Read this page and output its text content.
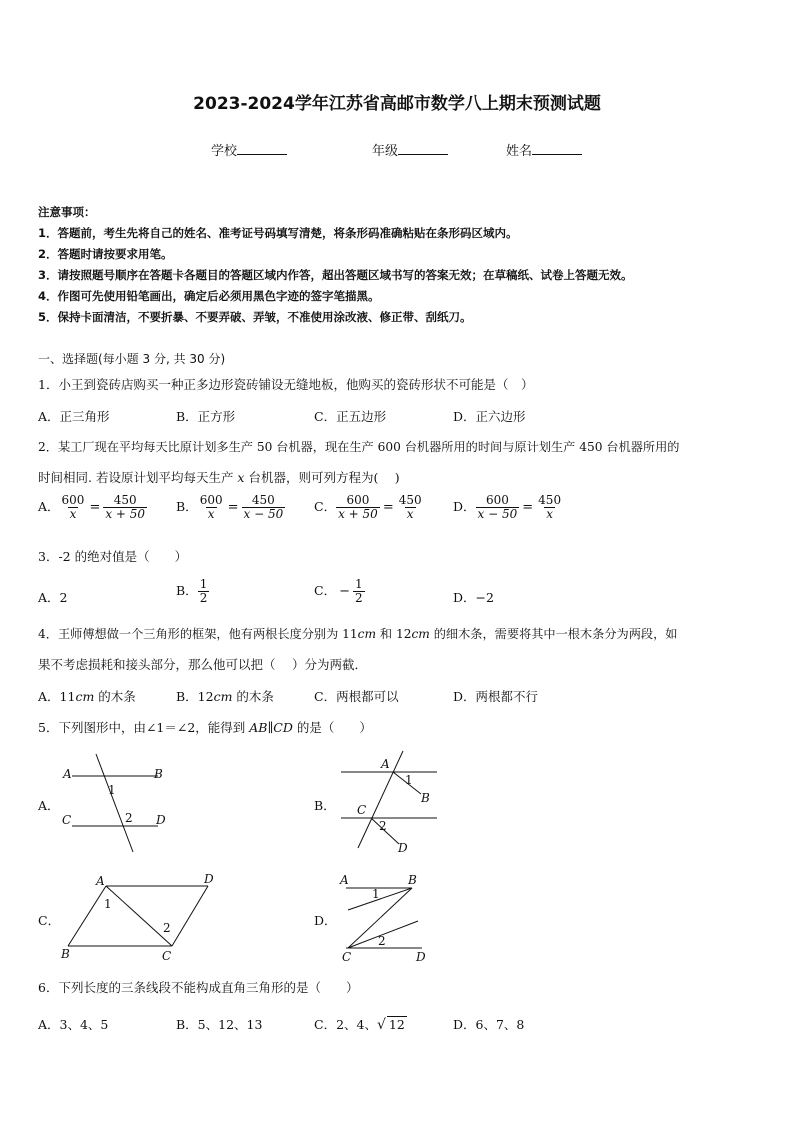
2023-2024学年江苏省高邮市数学八上期末预测试题
学校	年级	姓名
注意事项：
1．答题前，考生先将自己的姓名、准考证号码填写清楚，将条形码准确粘贴在条形码区域内。
2．答题时请按要求用笔。
3．请按照题号顺序在答题卡各题目的答题区域内作答，超出答题区域书写的答案无效；在草稿纸、试卷上答题无效。
4．作图可先使用铅笔画出，确定后必须用黑色字迹的签字笔描黑。
5．保持卡面清洁，不要折暴、不要弄破、弄皱，不准使用涂改液、修正带、刮纸刀。
一、选择题(每小题 3 分, 共 30 分)
1．小王到瓷砖店购买一种正多边形瓷砖铺设无缝地板，他购买的瓷砖形状不可能是（　）
A．正三角形	B．正方形	C．正五边形	D．正六边形
2．某工厂现在平均每天比原计划多生产 50 台机器，现在生产 600 台机器所用的时间与原计划生产 450 台机器所用的
时间相同. 若设原计划平均每天生产 x 台机器，则可列方程为(　 )
A． $\frac{600}{x} = \frac{450}{x + 50}$ B． $\frac{600}{x} = \frac{450}{x - 50}$ C． $\frac{600}{x + 50} = \frac{450}{x}$ D． $\frac{600}{x - 50} = \frac{450}{x}$
3．-2 的绝对值是（　　）
A．2	B． $\frac{1}{2}$	C． − $\frac{1}{2}$	D．−2
4．王师傅想做一个三角形的框架，他有两根长度分别为 11cm 和 12cm 的细木条，需要将其中一根木条分为两段，如
果不考虑损耗和接头部分，那么他可以把（　 ）分为两截．
A．11cm 的木条	B．12cm 的木条	C．两根都可以	D．两根都不行
5．下列图形中，由∠1＝∠2，能得到 AB∥CD 的是（　　）
A．
A	B
C	D
1
2
B．
A
B
C
D
1
2
C．
A	D
B	C
1
2	D．
A	B
C	D
1
2
6．下列长度的三条线段不能构成直角三角形的是（　　）
A．3、4、5	B．5、12、13	C．2、4、√ 12	D．6、7、8
